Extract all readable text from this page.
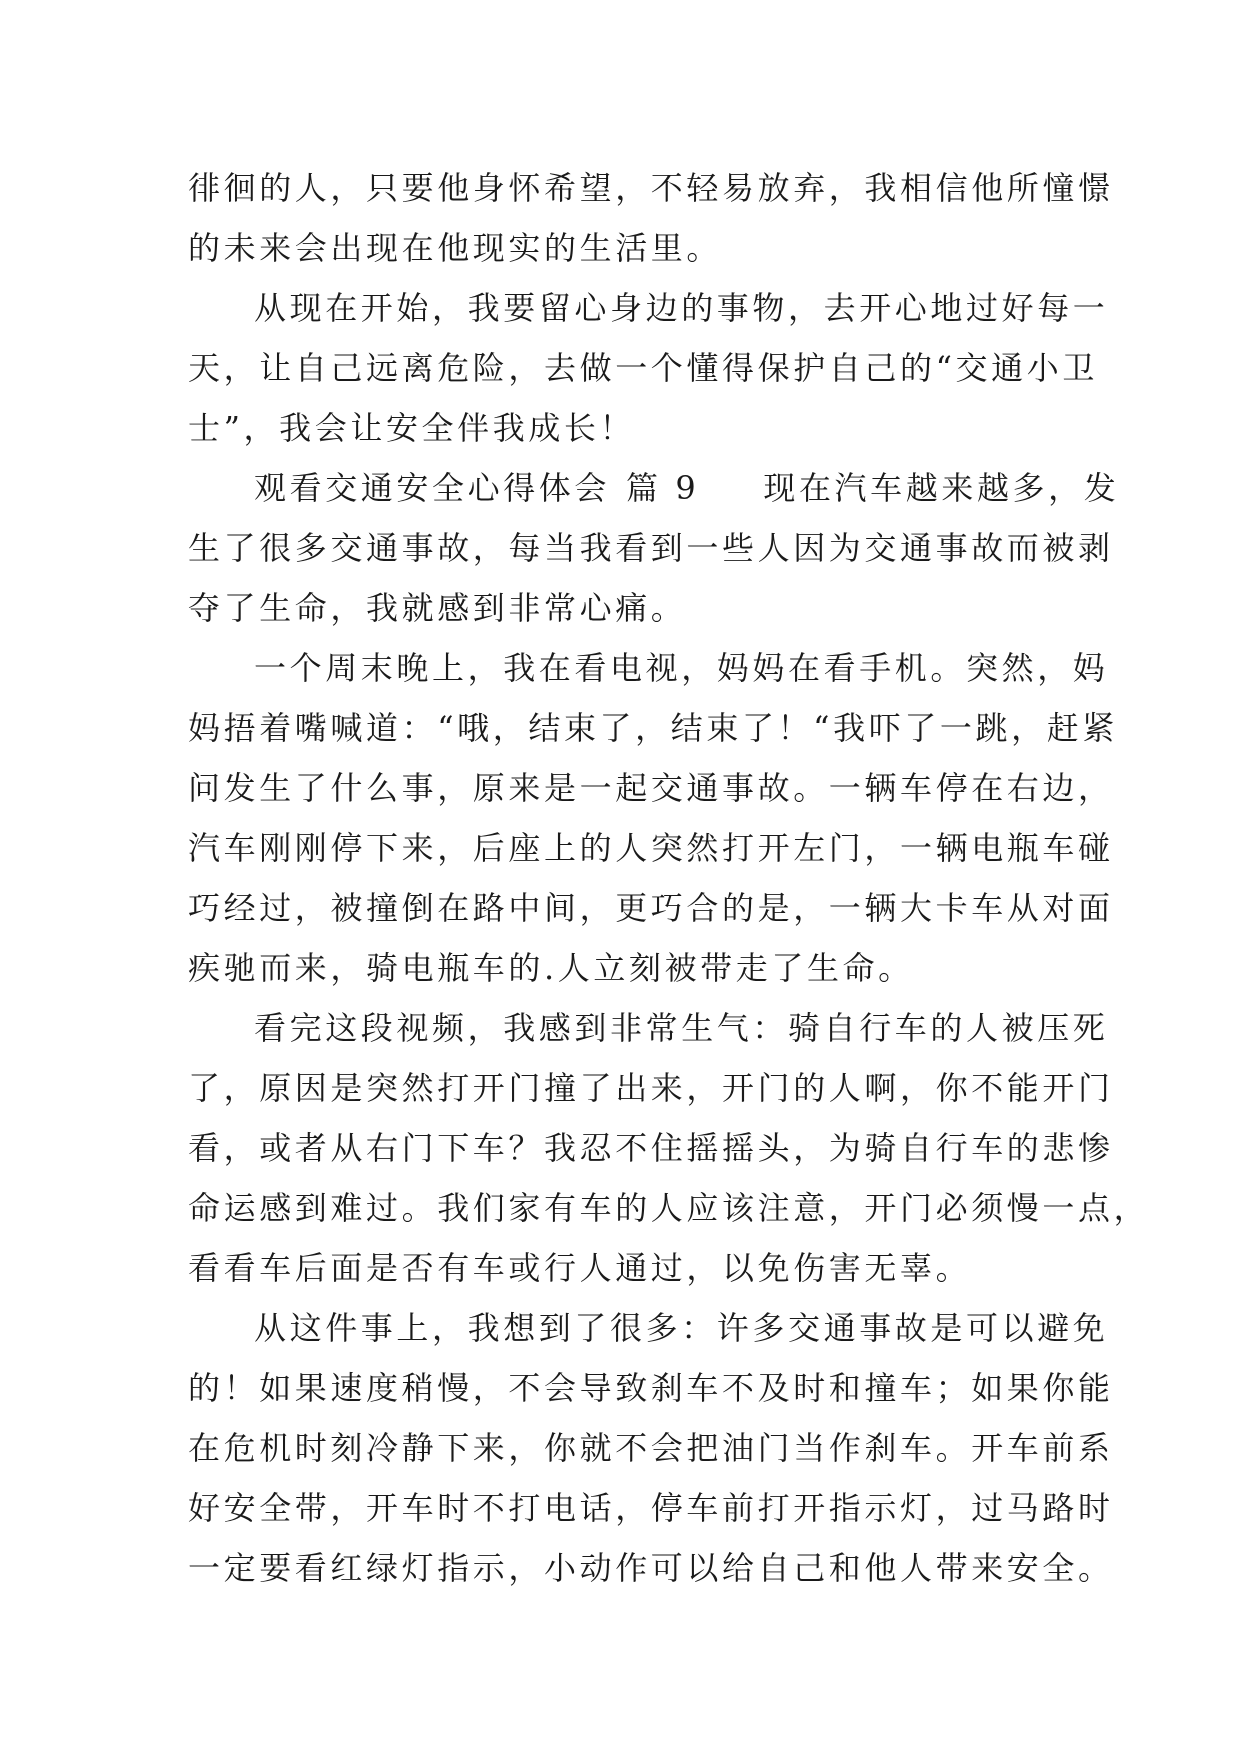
徘徊的人，只要他身怀希望，不轻易放弃，我相信他所憧憬
的未来会出现在他现实的生活里。
从现在开始，我要留心身边的事物，去开心地过好每一
天，让自己远离危险，去做一个懂得保护自己的“交通小卫
士”，我会让安全伴我成长！
观看交通安全心得体会 篇 9 现在汽车越来越多，发
生了很多交通事故，每当我看到一些人因为交通事故而被剥
夺了生命，我就感到非常心痛。
一个周末晚上，我在看电视，妈妈在看手机。突然，妈
妈捂着嘴喊道：“哦，结束了，结束了！“我吓了一跳，赶紧
问发生了什么事，原来是一起交通事故。一辆车停在右边，
汽车刚刚停下来，后座上的人突然打开左门，一辆电瓶车碰
巧经过，被撞倒在路中间，更巧合的是，一辆大卡车从对面
疾驰而来，骑电瓶车的.人立刻被带走了生命。
看完这段视频，我感到非常生气：骑自行车的人被压死
了，原因是突然打开门撞了出来，开门的人啊，你不能开门
看，或者从右门下车？我忍不住摇摇头，为骑自行车的悲惨
命运感到难过。我们家有车的人应该注意，开门必须慢一点，
看看车后面是否有车或行人通过，以免伤害无辜。
从这件事上，我想到了很多：许多交通事故是可以避免
的！如果速度稍慢，不会导致刹车不及时和撞车；如果你能
在危机时刻冷静下来，你就不会把油门当作刹车。开车前系
好安全带，开车时不打电话，停车前打开指示灯，过马路时
一定要看红绿灯指示，小动作可以给自己和他人带来安全。
